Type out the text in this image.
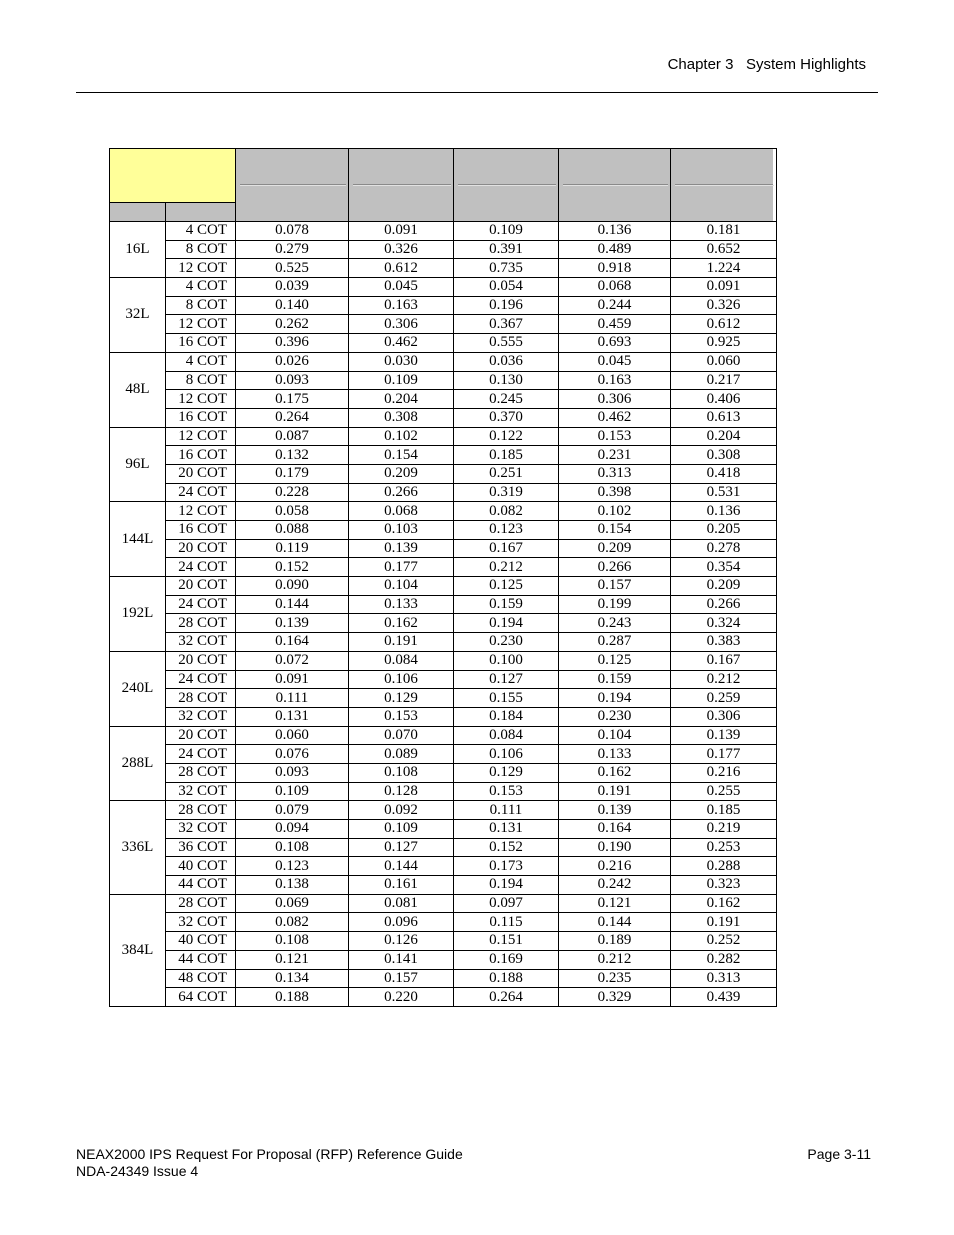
Chapter 3 System Highlights

16L	4 COT	0.078	0.091	0.109	0.136	0.181
	8 COT	0.279	0.326	0.391	0.489	0.652
	12 COT	0.525	0.612	0.735	0.918	1.224
32L	4 COT	0.039	0.045	0.054	0.068	0.091
	8 COT	0.140	0.163	0.196	0.244	0.326
	12 COT	0.262	0.306	0.367	0.459	0.612
	16 COT	0.396	0.462	0.555	0.693	0.925
48L	4 COT	0.026	0.030	0.036	0.045	0.060
	8 COT	0.093	0.109	0.130	0.163	0.217
	12 COT	0.175	0.204	0.245	0.306	0.406
	16 COT	0.264	0.308	0.370	0.462	0.613
96L	12 COT	0.087	0.102	0.122	0.153	0.204
	16 COT	0.132	0.154	0.185	0.231	0.308
	20 COT	0.179	0.209	0.251	0.313	0.418
	24 COT	0.228	0.266	0.319	0.398	0.531
144L	12 COT	0.058	0.068	0.082	0.102	0.136
	16 COT	0.088	0.103	0.123	0.154	0.205
	20 COT	0.119	0.139	0.167	0.209	0.278
	24 COT	0.152	0.177	0.212	0.266	0.354
192L	20 COT	0.090	0.104	0.125	0.157	0.209
	24 COT	0.144	0.133	0.159	0.199	0.266
	28 COT	0.139	0.162	0.194	0.243	0.324
	32 COT	0.164	0.191	0.230	0.287	0.383
240L	20 COT	0.072	0.084	0.100	0.125	0.167
	24 COT	0.091	0.106	0.127	0.159	0.212
	28 COT	0.111	0.129	0.155	0.194	0.259
	32 COT	0.131	0.153	0.184	0.230	0.306
288L	20 COT	0.060	0.070	0.084	0.104	0.139
	24 COT	0.076	0.089	0.106	0.133	0.177
	28 COT	0.093	0.108	0.129	0.162	0.216
	32 COT	0.109	0.128	0.153	0.191	0.255
336L	28 COT	0.079	0.092	0.111	0.139	0.185
	32 COT	0.094	0.109	0.131	0.164	0.219
	36 COT	0.108	0.127	0.152	0.190	0.253
	40 COT	0.123	0.144	0.173	0.216	0.288
	44 COT	0.138	0.161	0.194	0.242	0.323
384L	28 COT	0.069	0.081	0.097	0.121	0.162
	32 COT	0.082	0.096	0.115	0.144	0.191
	40 COT	0.108	0.126	0.151	0.189	0.252
	44 COT	0.121	0.141	0.169	0.212	0.282
	48 COT	0.134	0.157	0.188	0.235	0.313
	64 COT	0.188	0.220	0.264	0.329	0.439
NEAX2000 IPS Request For Proposal (RFP) Reference Guide
NDA-24349 Issue 4
Page 3-11
